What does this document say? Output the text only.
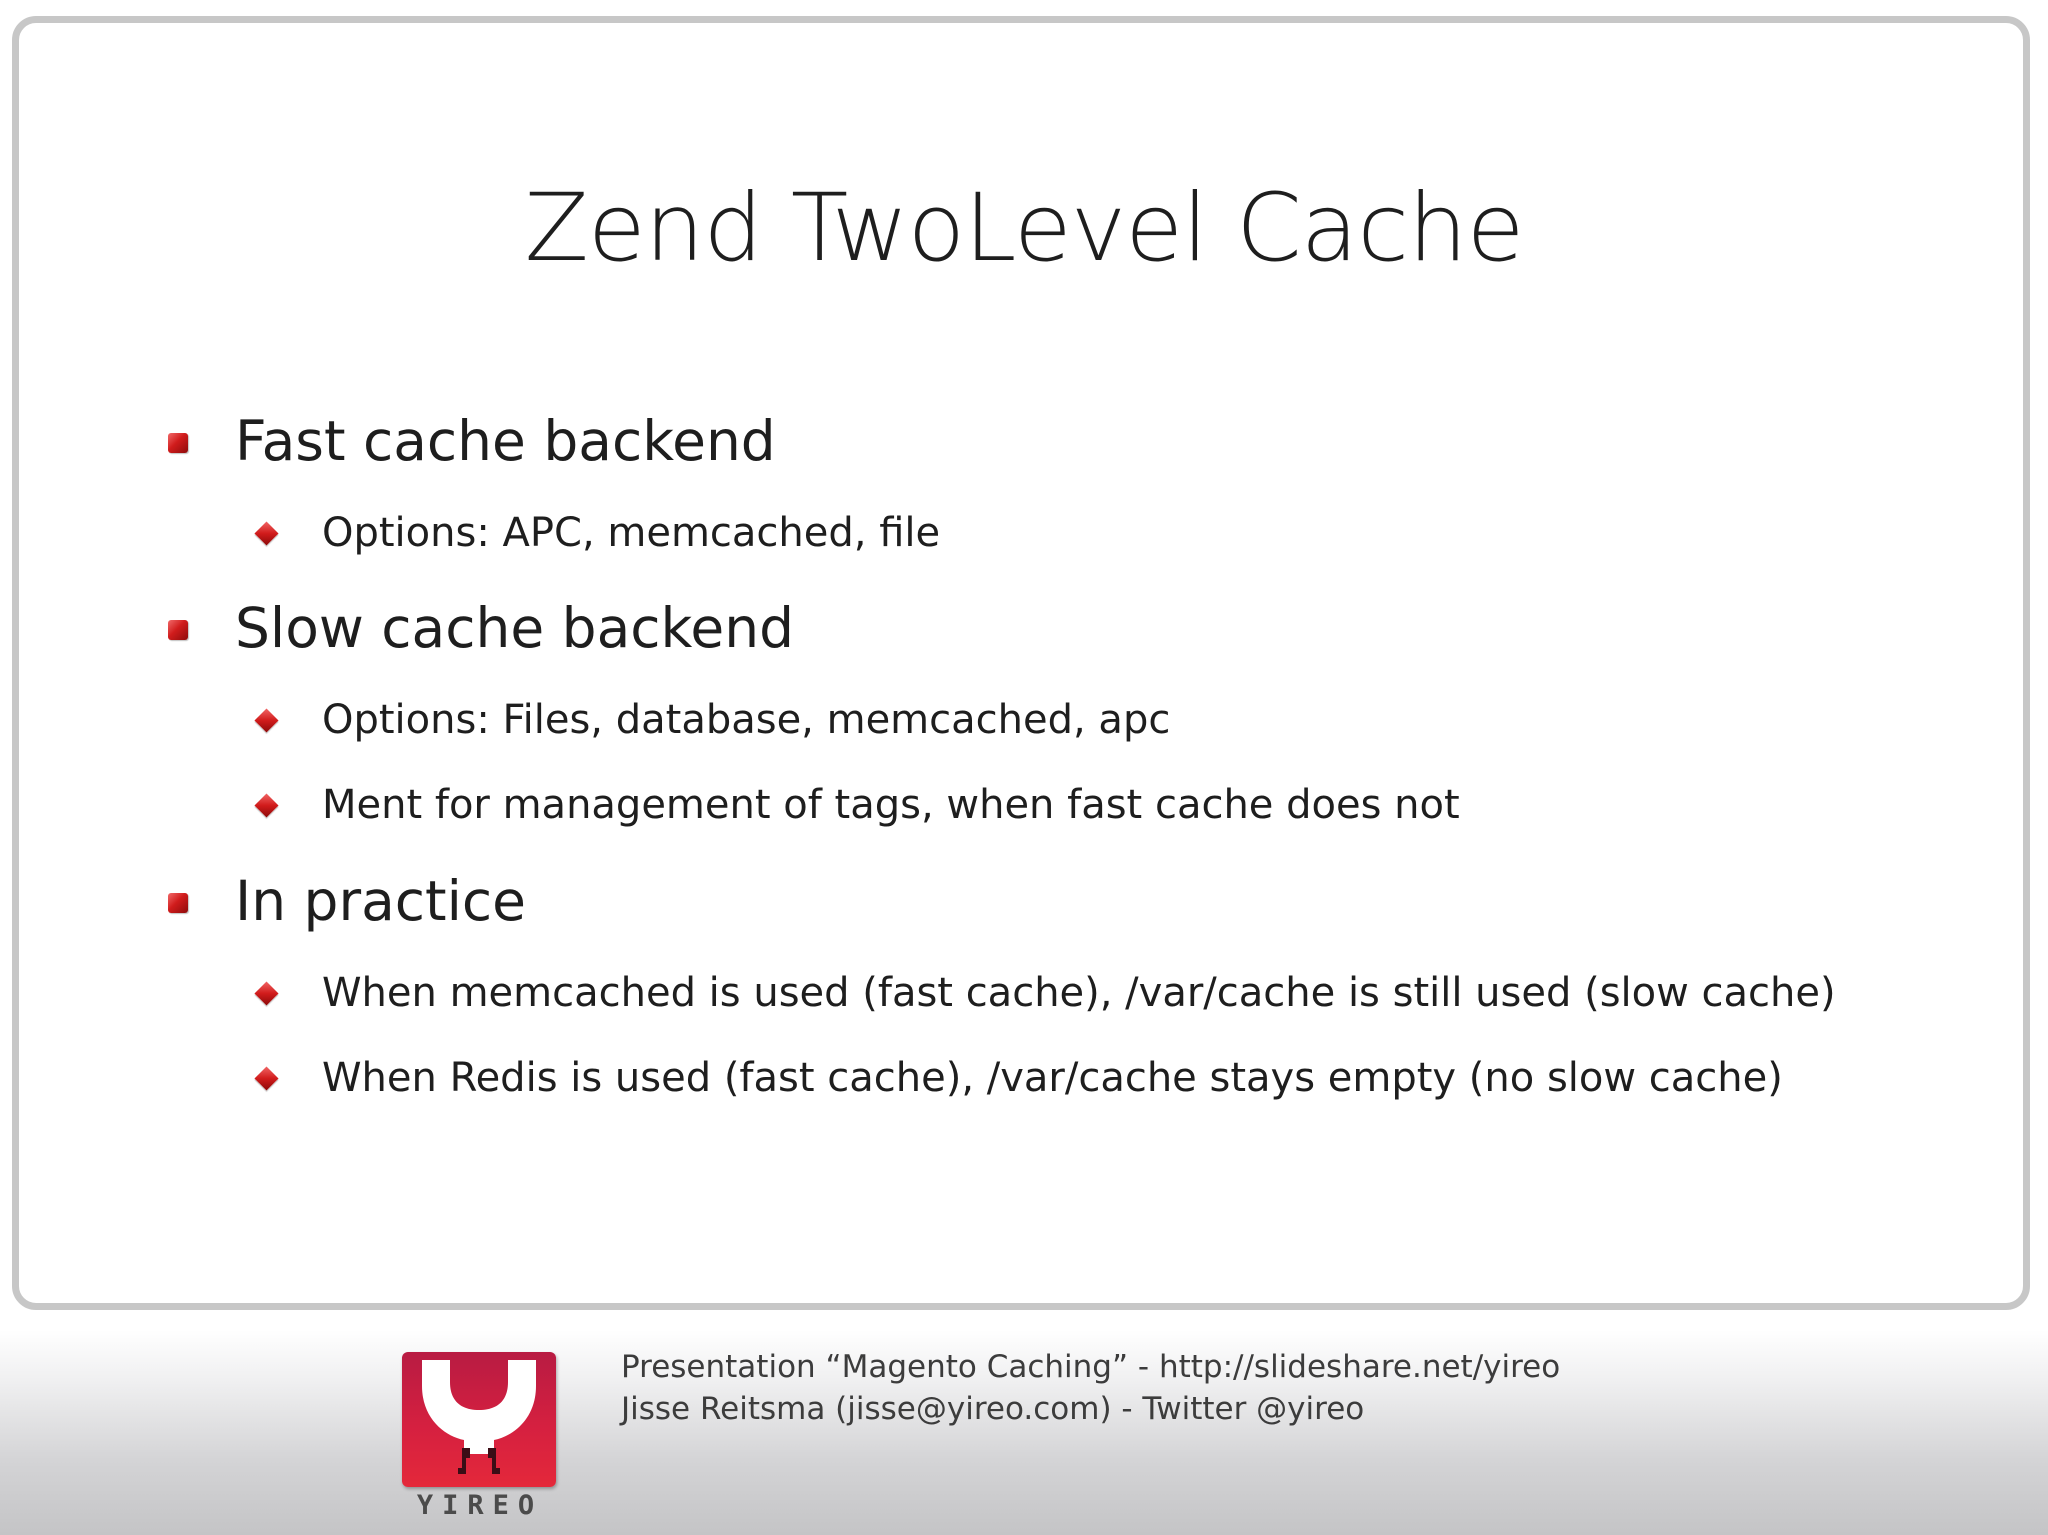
Zend TwoLevel Cache
Fast cache backend
Options: APC, memcached, file
Slow cache backend
Options: Files, database, memcached, apc
Ment for management of tags, when fast cache does not
In practice
When memcached is used (fast cache), /var/cache is still used (slow cache)
When Redis is used (fast cache), /var/cache stays empty (no slow cache)
YIREO
Presentation “Magento Caching” - http://slideshare.net/yireo
Jisse Reitsma (jisse@yireo.com) - Twitter @yireo
